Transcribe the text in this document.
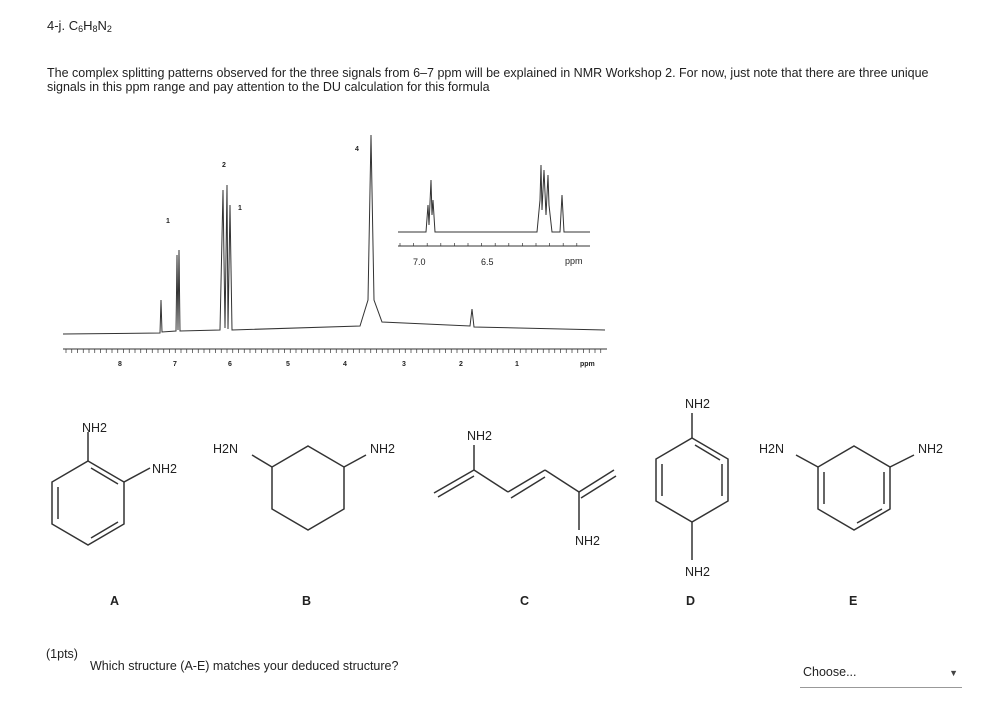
4-j. $C_6H_8N_2$
The complex splitting patterns observed for the three signals from 6–7 ppm will be explained in NMR Workshop 2. For now, just note that there are three unique signals in this ppm range and pay attention to the DU calculation for this formula
8	7	6	5	4	3	2	1	ppm
1
2
1
4
7.0	6.5	ppm
NH2
NH2
H2N	NH2
NH2
NH2
NH2
NH2
H2N	NH2
A	B	C	D	E
(1pts)
Which structure (A-E) matches your deduced structure?	Choose...	▼
